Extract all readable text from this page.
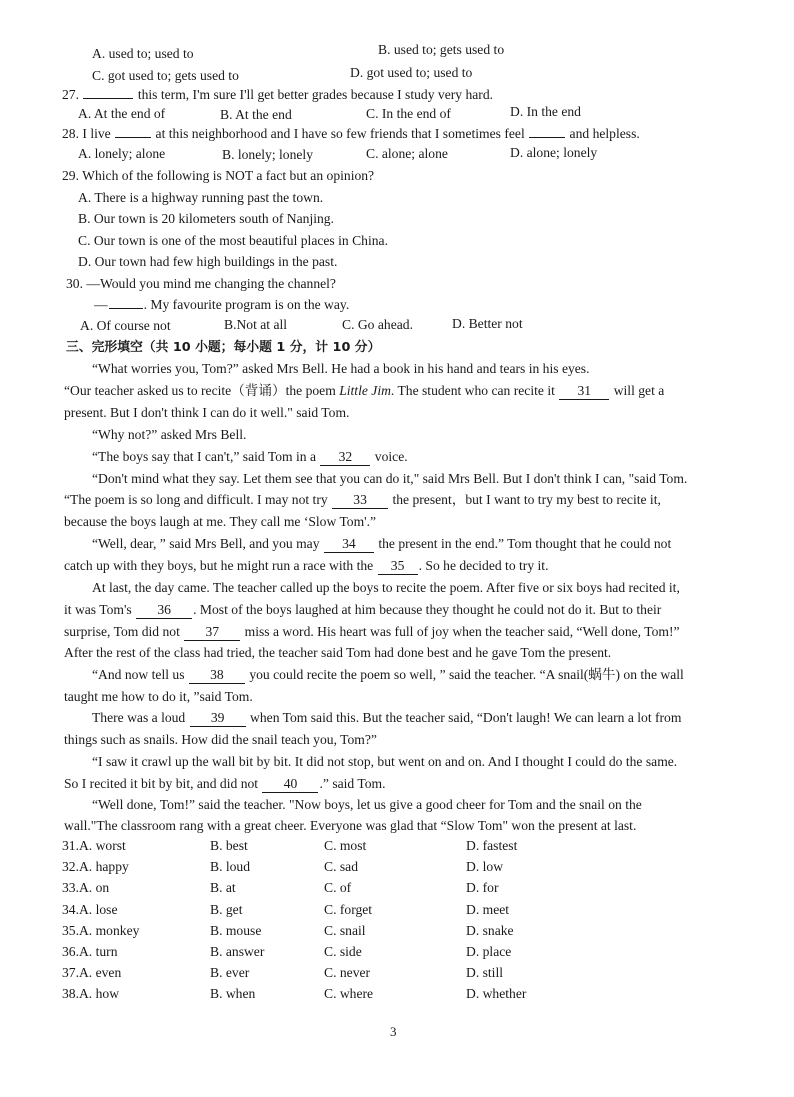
A. used to; used to	B. used to; gets used to
C. got used to; gets used to	D. got used to; used to
27.	this term, I'm sure I'll get better grades because I study very hard.
A. At the end of	B. At the end	C. In the end of	D. In the end
28. I live	at this neighborhood and I have so few friends that I sometimes feel	and helpless.
A. lonely; alone	B. lonely; lonely	C. alone; alone	D. alone; lonely
29. Which of the following is NOT a fact but an opinion?
A. There is a highway running past the town.
B. Our town is 20 kilometers south of Nanjing.
C. Our town is one of the most beautiful places in China.
D. Our town had few high buildings in the past.
30. —Would you mind me changing the channel?
—	. My favourite program is on the way.
A. Of course not	B.Not at all	C. Go ahead.	D. Better not
三、完形填空（共 10 小题；每小题 1 分，计 10 分）
“What worries you, Tom?” asked Mrs Bell. He had a book in his hand and tears in his eyes.
“Our teacher asked us to recite（背诵）the poem Little Jim. The student who can recite it 31 will get a
present. But I don't think I can do it well." said Tom.
“Why not?” asked Mrs Bell.
“The boys say that I can't,” said Tom in a 32 voice.
“Don't mind what they say. Let them see that you can do it," said Mrs Bell. But I don't think I can, "said Tom.
“The poem is so long and difficult. I may not try 33 the present，but I want to try my best to recite it,
because the boys laugh at me. They call me ‘Slow Tom'.”
“Well, dear, ” said Mrs Bell, and you may 34 the present in the end.” Tom thought that he could not
catch up with they boys, but he might run a race with the 35 . So he decided to try it.
At last, the day came. The teacher called up the boys to recite the poem. After five or six boys had recited it,
it was Tom's 36 . Most of the boys laughed at him because they thought he could not do it. But to their
surprise, Tom did not 37 miss a word. His heart was full of joy when the teacher said, “Well done, Tom!”
After the rest of the class had tried, the teacher said Tom had done best and he gave Tom the present.
“And now tell us 38 you could recite the poem so well, ” said the teacher. “A snail(蜗牛) on the wall
taught me how to do it, ”said Tom.
There was a loud 39 when Tom said this. But the teacher said, “Don't laugh! We can learn a lot from
things such as snails. How did the snail teach you, Tom?”
“I saw it crawl up the wall bit by bit. It did not stop, but went on and on. And I thought I could do the same.
So I recited it bit by bit, and did not 40 .” said Tom.
“Well done, Tom!” said the teacher. "Now boys, let us give a good cheer for Tom and the snail on the
wall."The classroom rang with a great cheer. Everyone was glad that “Slow Tom" won the present at last.
31.A. worst	B. best	C. most	D. fastest
32.A. happy	B. loud	C. sad	D. low
33.A. on	B. at	C. of	D. for
34.A. lose	B. get	C. forget	D. meet
35.A. monkey	B. mouse	C. snail	D. snake
36.A. turn	B. answer	C. side	D. place
37.A. even	B. ever	C. never	D. still
38.A. how	B. when	C. where	D. whether
3
